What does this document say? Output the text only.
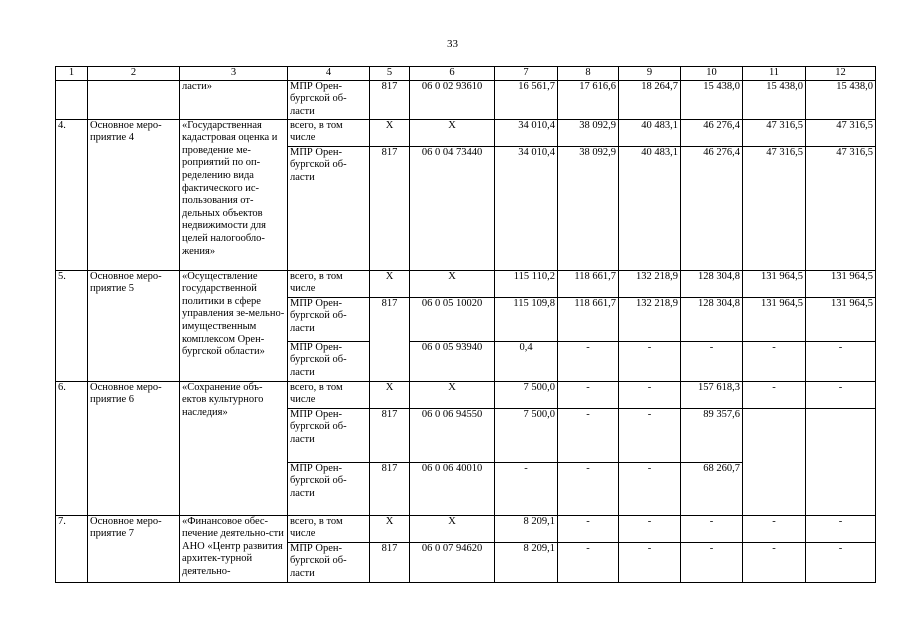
33
1	2	3	4	5	6	7	8	9	10	11	12
		ласти»	МПР Орен-бургской об-ласти	817	06 0 02 93610	16 561,7	17 616,6	18 264,7	15 438,0	15 438,0	15 438,0
4.	Основное меро-приятие 4	«Государственная кадастровая оценка и проведение ме-роприятий по оп-ределению вида фактического ис-пользования от-дельных объектов недвижимости для целей налогообло-жения»	всего, в том числе	Х	Х	34 010,4	38 092,9	40 483,1	46 276,4	47 316,5	47 316,5
			МПР Орен-бургской об-ласти	817	06 0 04 73440	34 010,4	38 092,9	40 483,1	46 276,4	47 316,5	47 316,5
5.	Основное меро-приятие 5	«Осуществление государственной политики в сфере управления зе-мельно-имущественным комплексом Орен-бургской области»	всего, в том числе	Х	Х	115 110,2	118 661,7	132 218,9	128 304,8	131 964,5	131 964,5
			МПР Орен-бургской об-ласти	817	06 0 05 10020	115 109,8	118 661,7	132 218,9	128 304,8	131 964,5	131 964,5
			МПР Орен-бургской об-ласти		06 0 05 93940	0,4	-	-	-	-	-
6.	Основное меро-приятие 6	«Сохранение объ-ектов культурного наследия»	всего, в том числе	Х	Х	7 500,0	-	-	157 618,3	-	-
			МПР Орен-бургской об-ласти	817	06 0 06 94550	7 500,0	-	-	89 357,6		
			МПР Орен-бургской об-ласти	817	06 0 06 40010	-	-	-	68 260,7		
7.	Основное меро-приятие 7	«Финансовое обес-печение деятельно-сти АНО «Центр развития архитек-турной деятельно-	всего, в том числе	Х	Х	8 209,1	-	-	-	-	-
			МПР Орен-бургской об-ласти	817	06 0 07 94620	8 209,1	-	-	-	-	-
